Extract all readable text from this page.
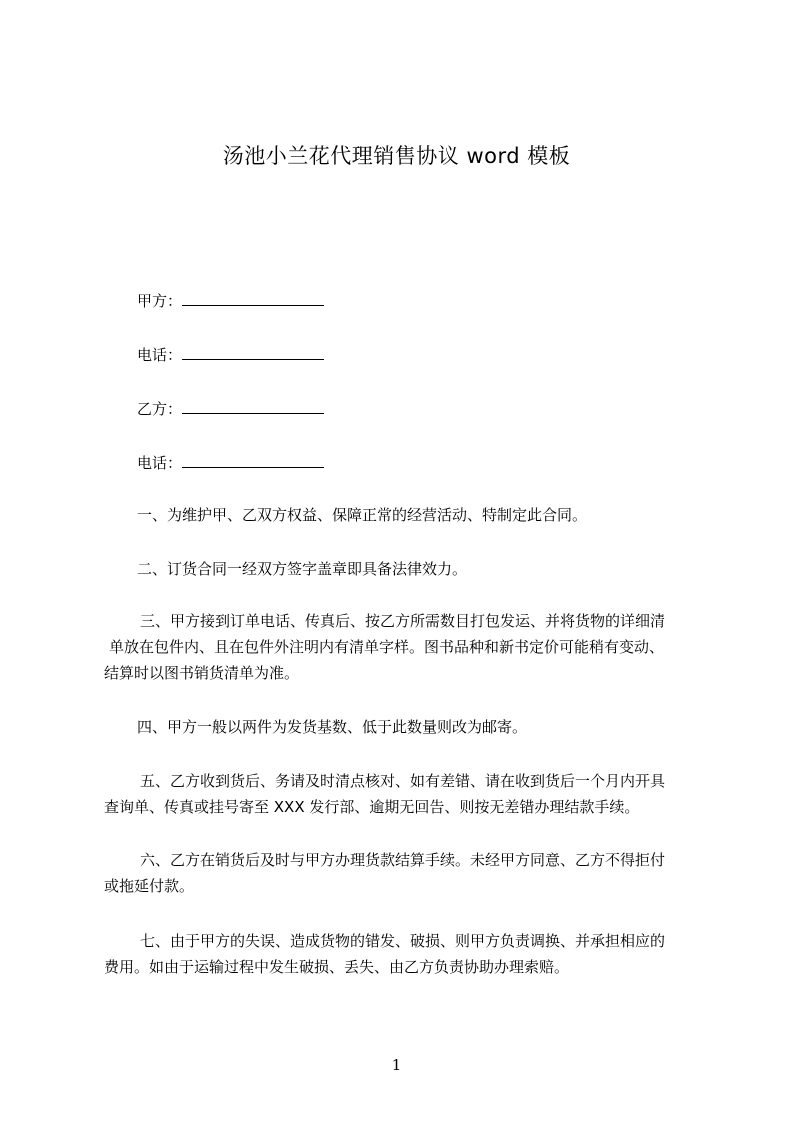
汤池小兰花代理销售协议 word 模板
甲方：
电话：
乙方：
电话：
一、为维护甲、乙双方权益、保障正常的经营活动、特制定此合同。
二、订货合同一经双方签字盖章即具备法律效力。
三、甲方接到订单电话、传真后、按乙方所需数目打包发运、并将货物的详细清
单放在包件内、且在包件外注明内有清单字样。图书品种和新书定价可能稍有变动、
结算时以图书销货清单为准。
四、甲方一般以两件为发货基数、低于此数量则改为邮寄。
五、乙方收到货后、务请及时清点核对、如有差错、请在收到货后一个月内开具
查询单、传真或挂号寄至 XXX 发行部、逾期无回告、则按无差错办理结款手续。
六、乙方在销货后及时与甲方办理货款结算手续。未经甲方同意、乙方不得拒付
或拖延付款。
七、由于甲方的失误、造成货物的错发、破损、则甲方负责调换、并承担相应的
费用。如由于运输过程中发生破损、丢失、由乙方负责协助办理索赔。
1
